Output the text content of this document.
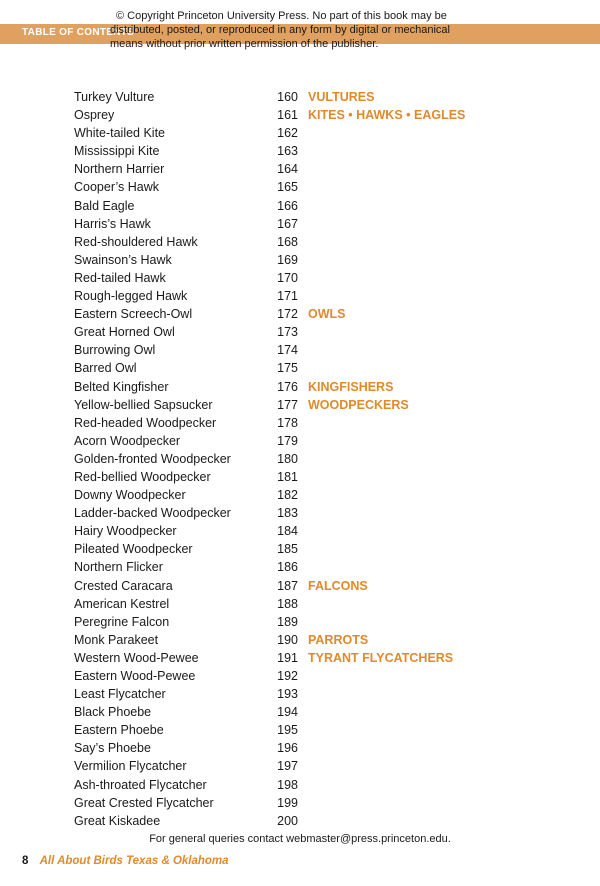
TABLE OF CONTENTS
© Copyright Princeton University Press. No part of this book may be
distributed, posted, or reproduced in any form by digital or mechanical
means without prior written permission of the publisher.
Turkey Vulture	160 VULTURES
Osprey	161 KITES • HAWKS • EAGLES
White-tailed Kite	162
Mississippi Kite	163
Northern Harrier	164
Cooper’s Hawk	165
Bald Eagle	166
Harris’s Hawk	167
Red-shouldered Hawk	168
Swainson’s Hawk	169
Red-tailed Hawk	170
Rough-legged Hawk	171
Eastern Screech-Owl	172 OWLS
Great Horned Owl	173
Burrowing Owl	174
Barred Owl	175
Belted Kingfisher	176 KINGFISHERS
Yellow-bellied Sapsucker	177 WOODPECKERS
Red-headed Woodpecker	178
Acorn Woodpecker	179
Golden-fronted Woodpecker	180
Red-bellied Woodpecker	181
Downy Woodpecker	182
Ladder-backed Woodpecker	183
Hairy Woodpecker	184
Pileated Woodpecker	185
Northern Flicker	186
Crested Caracara	187 FALCONS
American Kestrel	188
Peregrine Falcon	189
Monk Parakeet	190 PARROTS
Western Wood-Pewee	191 TYRANT FLYCATCHERS
Eastern Wood-Pewee	192
Least Flycatcher	193
Black Phoebe	194
Eastern Phoebe	195
Say’s Phoebe	196
Vermilion Flycatcher	197
Ash-throated Flycatcher	198
Great Crested Flycatcher	199
Great Kiskadee	200
For general queries contact webmaster@press.princeton.edu.
8 All About Birds Texas & Oklahoma
